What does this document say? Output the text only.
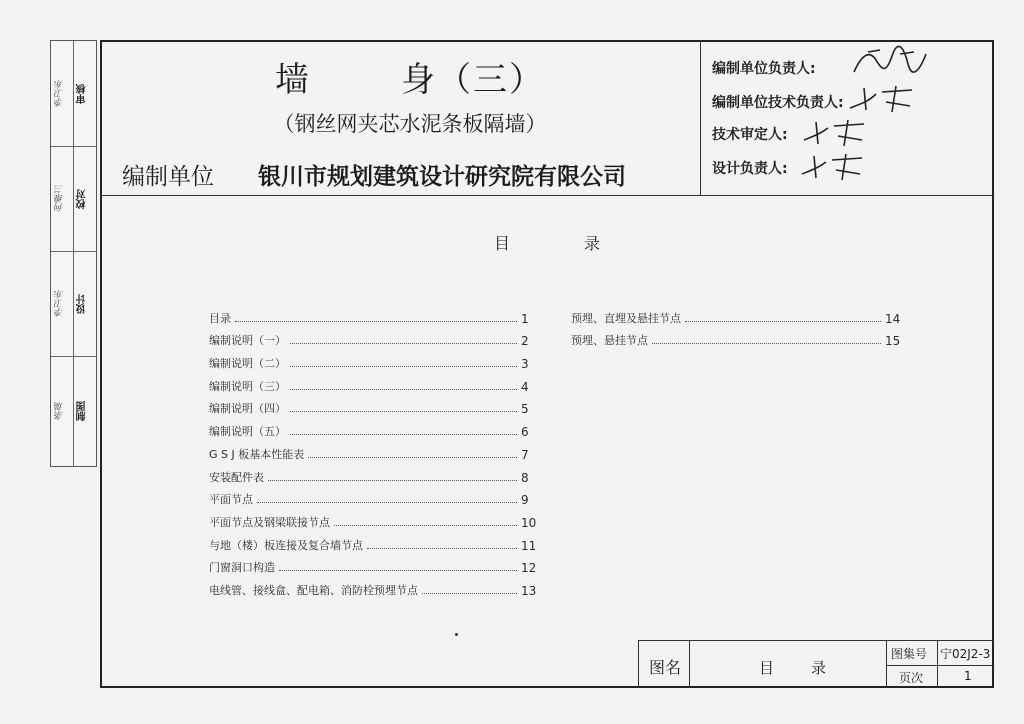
李卫东	审核
何维兰	校对
李卫东	设计
条瑞	制图
墙	身（三）
（钢丝网夹芯水泥条板隔墙）
编制单位 银川市规划建筑设计研究院有限公司
编制单位负责人:
编制单位技术负责人:
技术审定人:
设计负责人:
目	录
目录	1
编制说明（一）	2
编制说明（二）	3
编制说明（三）	4
编制说明（四）	5
编制说明（五）	6
G S J 板基本性能表	7
安装配件表	8
平面节点	9
平面节点及钢梁联接节点	10
与地（楼）板连接及复合墙节点	11
门窗洞口构造	12
电线管、接线盒、配电箱、消防栓预埋节点	13
预埋、直埋及悬挂节点	14
预埋、悬挂节点	15
图名	目 录
图集号 宁02J2-3
页次	1
